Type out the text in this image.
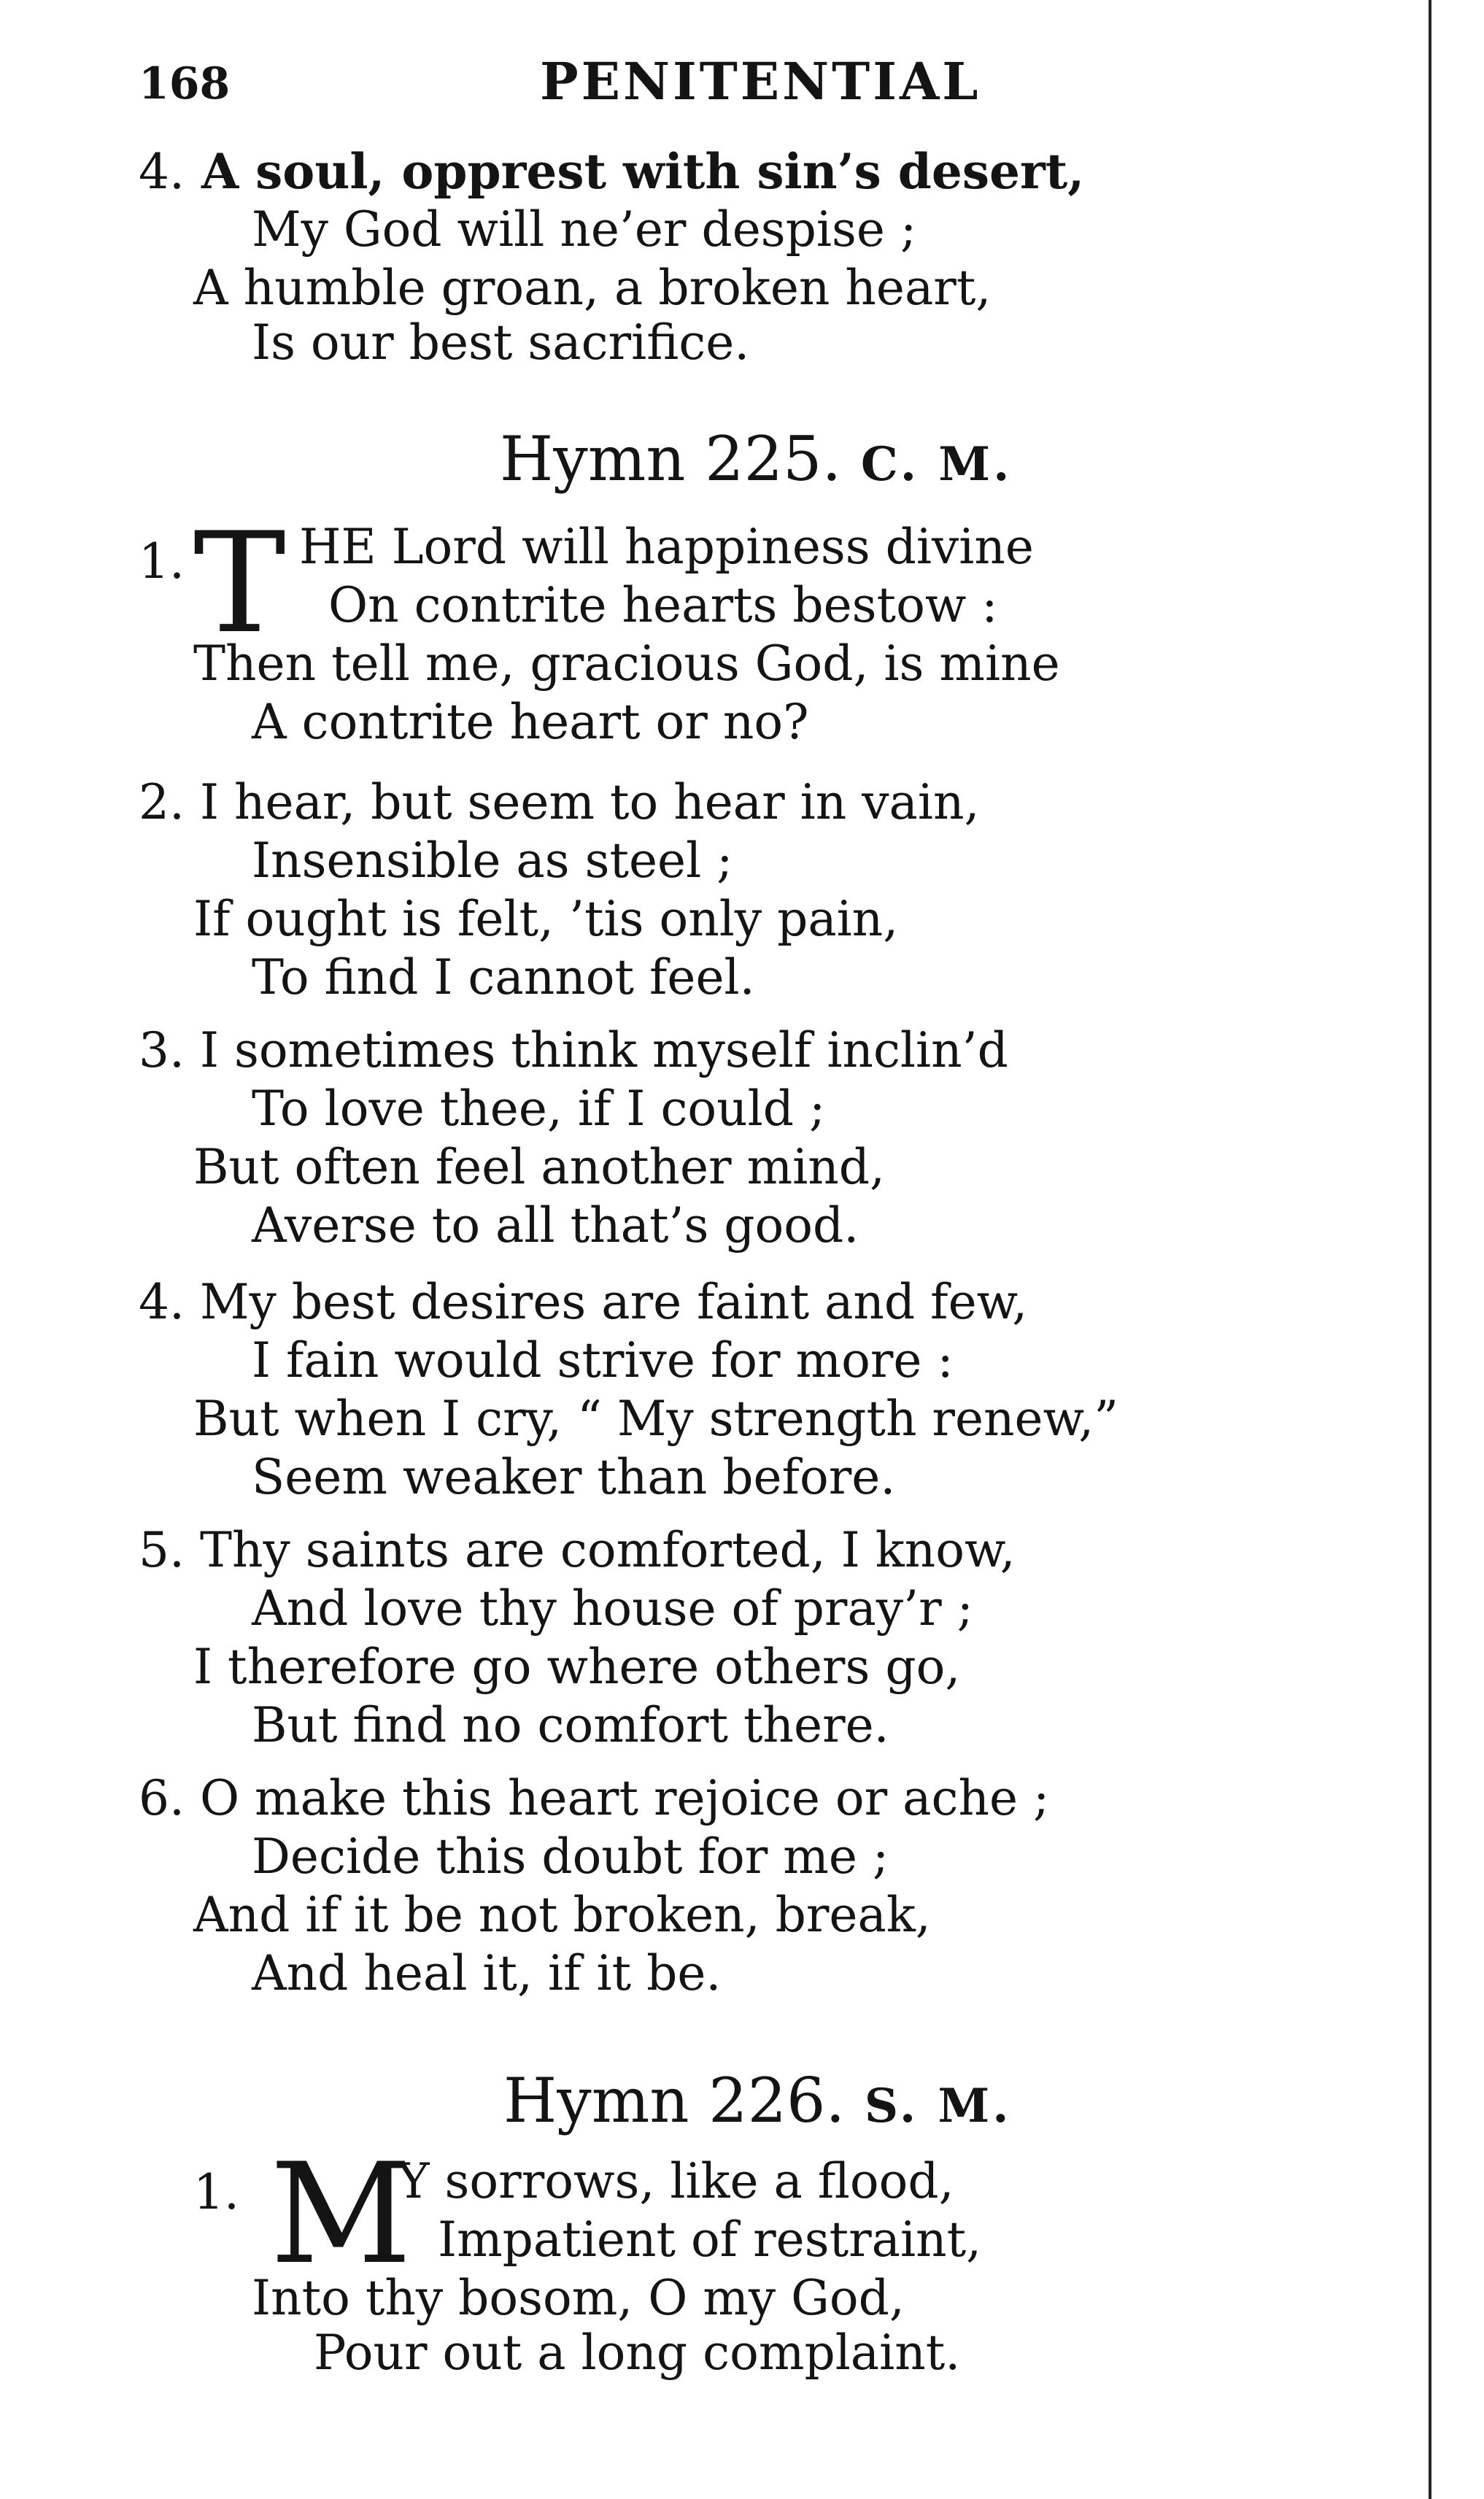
168	PENITENTIAL
4. A soul, opprest with sin’s desert,
My God will ne’er despise ;
A humble groan, a broken heart,
Is our best sacrifice.
Hymn 225. C. M.
1. T HE Lord will happiness divine
On contrite hearts bestow :
Then tell me, gracious God, is mine
A contrite heart or no?
2. I hear, but seem to hear in vain,
Insensible as steel ;
If ought is felt, ’tis only pain,
To find I cannot feel.
3. I sometimes think myself inclin’d
To love thee, if I could ;
But often feel another mind,
Averse to all that’s good.
4. My best desires are faint and few,
I fain would strive for more :
But when I cry, “ My strength renew,”
Seem weaker than before.
5. Thy saints are comforted, I know,
And love thy house of pray’r ;
I therefore go where others go,
But find no comfort there.
6. O make this heart rejoice or ache ;
Decide this doubt for me ;
And if it be not broken, break,
And heal it, if it be.
Hymn 226. S. M.
1. M
Y sorrows, like a flood,
Impatient of restraint,
Into thy bosom, O my God,
Pour out a long complaint.
